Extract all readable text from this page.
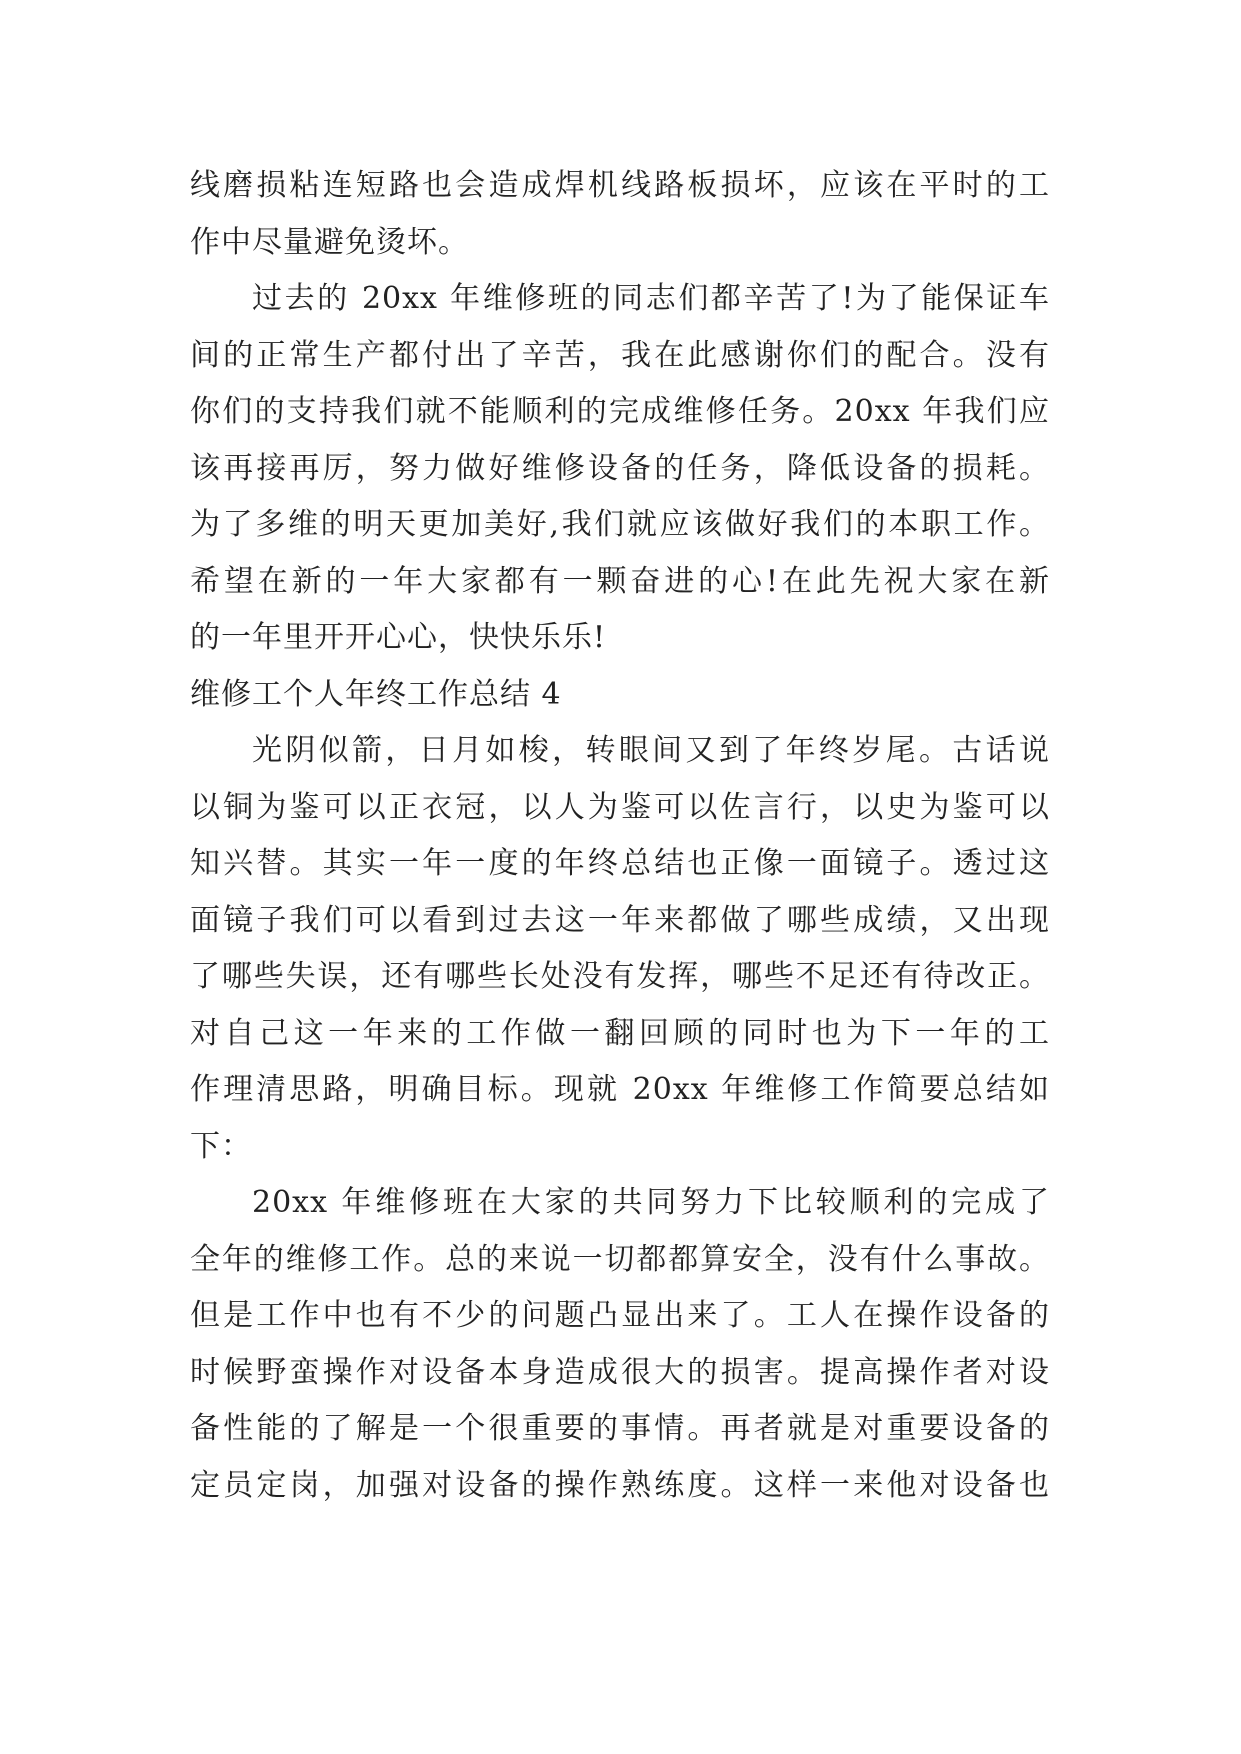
线磨损粘连短路也会造成焊机线路板损坏，应该在平时的工
作中尽量避免烫坏。
过去的 20xx 年维修班的同志们都辛苦了!为了能保证车
间的正常生产都付出了辛苦，我在此感谢你们的配合。没有
你们的支持我们就不能顺利的完成维修任务。20xx 年我们应
该再接再厉，努力做好维修设备的任务，降低设备的损耗。
为了多维的明天更加美好,我们就应该做好我们的本职工作。
希望在新的一年大家都有一颗奋进的心!在此先祝大家在新
的一年里开开心心，快快乐乐!
维修工个人年终工作总结 4
光阴似箭，日月如梭，转眼间又到了年终岁尾。古话说
以铜为鉴可以正衣冠，以人为鉴可以佐言行，以史为鉴可以
知兴替。其实一年一度的年终总结也正像一面镜子。透过这
面镜子我们可以看到过去这一年来都做了哪些成绩，又出现
了哪些失误，还有哪些长处没有发挥，哪些不足还有待改正。
对自己这一年来的工作做一翻回顾的同时也为下一年的工
作理清思路，明确目标。现就 20xx 年维修工作简要总结如
下：
20xx 年维修班在大家的共同努力下比较顺利的完成了
全年的维修工作。总的来说一切都都算安全，没有什么事故。
但是工作中也有不少的问题凸显出来了。工人在操作设备的
时候野蛮操作对设备本身造成很大的损害。提高操作者对设
备性能的了解是一个很重要的事情。再者就是对重要设备的
定员定岗，加强对设备的操作熟练度。这样一来他对设备也
